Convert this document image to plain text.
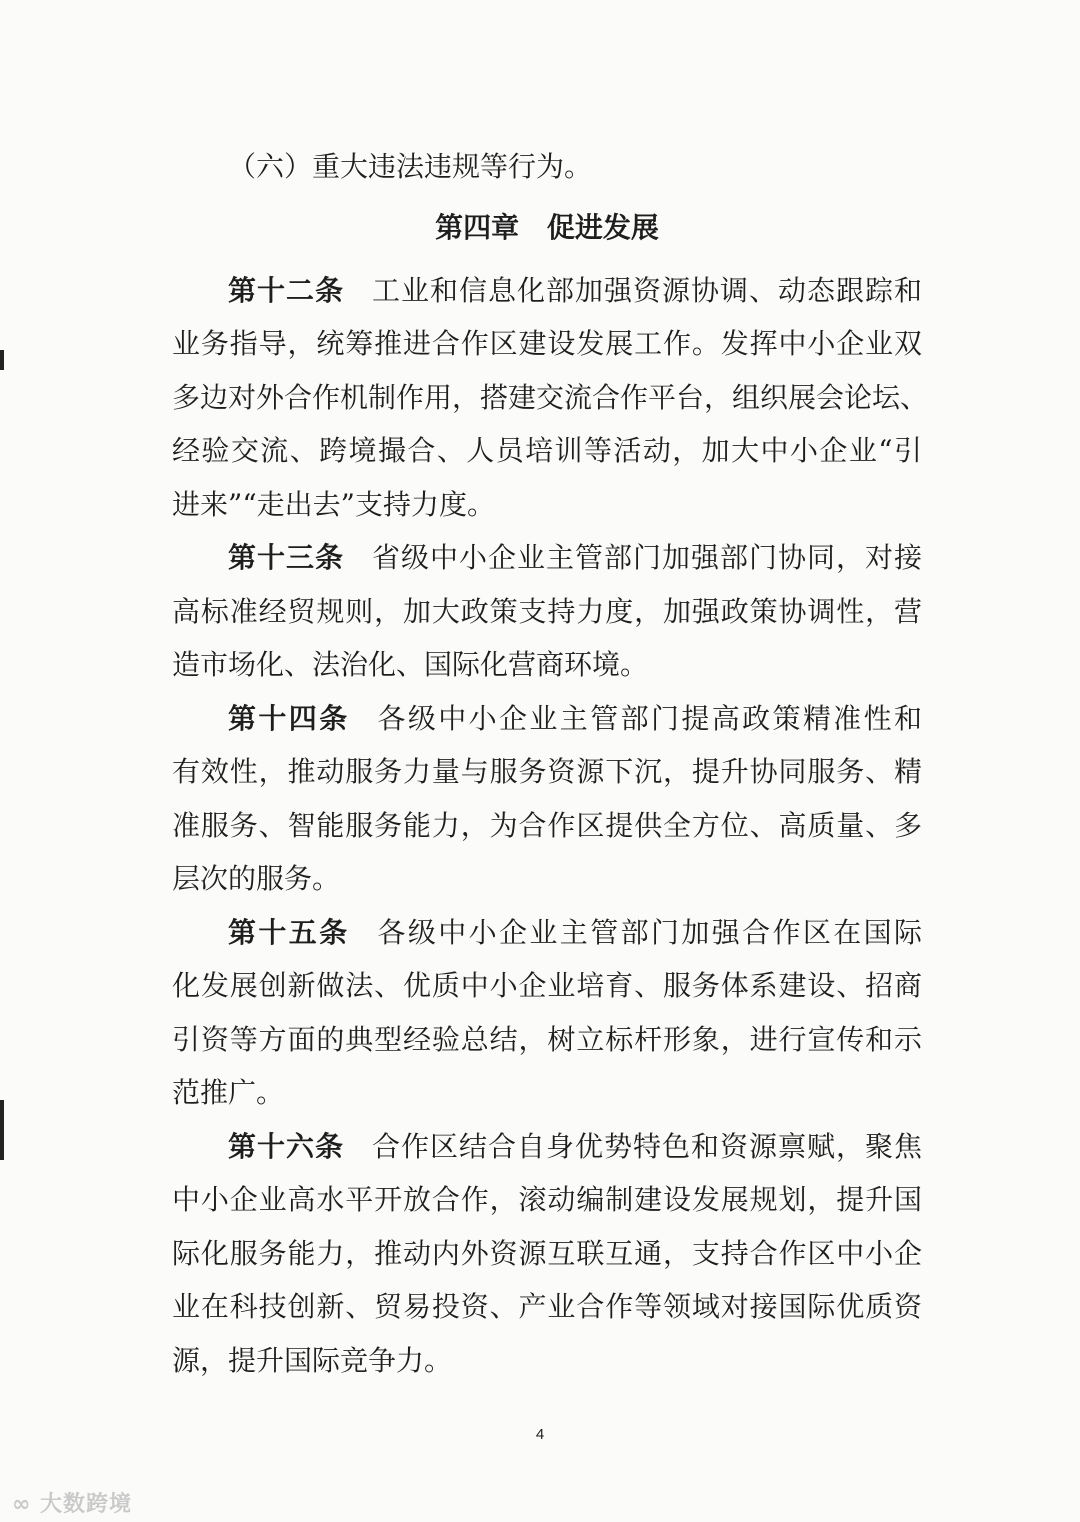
（六）重大违法违规等行为。
第四章 促进发展
第十二条 工业和信息化部加强资源协调、动态跟踪和
业务指导，统筹推进合作区建设发展工作。发挥中小企业双
多边对外合作机制作用，搭建交流合作平台，组织展会论坛、
经验交流、跨境撮合、人员培训等活动，加大中小企业“引
进来”“走出去”支持力度。
第十三条 省级中小企业主管部门加强部门协同，对接
高标准经贸规则，加大政策支持力度，加强政策协调性，营
造市场化、法治化、国际化营商环境。
第十四条 各级中小企业主管部门提高政策精准性和
有效性，推动服务力量与服务资源下沉，提升协同服务、精
准服务、智能服务能力，为合作区提供全方位、高质量、多
层次的服务。
第十五条 各级中小企业主管部门加强合作区在国际
化发展创新做法、优质中小企业培育、服务体系建设、招商
引资等方面的典型经验总结，树立标杆形象，进行宣传和示
范推广。
第十六条 合作区结合自身优势特色和资源禀赋，聚焦
中小企业高水平开放合作，滚动编制建设发展规划，提升国
际化服务能力，推动内外资源互联互通，支持合作区中小企
业在科技创新、贸易投资、产业合作等领域对接国际优质资
源，提升国际竞争力。
4
∞ 大数跨境
